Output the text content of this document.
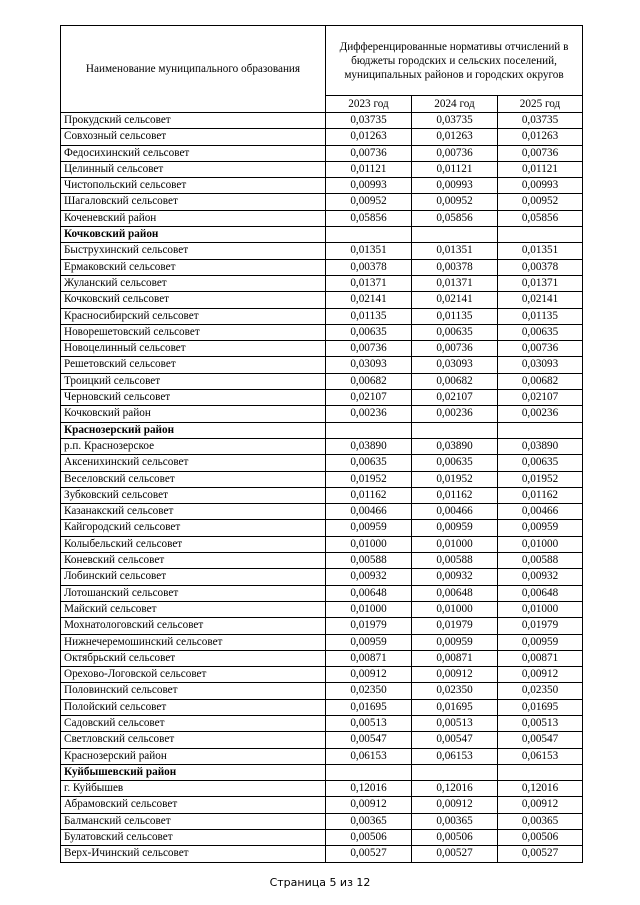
Наименование муниципального образования	Дифференцированные нормативы отчислений в бюджеты городских и сельских поселений, муниципальных районов и городских округов		
	2023 год	2024 год	2025 год
Прокудский сельсовет	0,03735	0,03735	0,03735
Совхозный сельсовет	0,01263	0,01263	0,01263
Федосихинский сельсовет	0,00736	0,00736	0,00736
Целинный сельсовет	0,01121	0,01121	0,01121
Чистопольский сельсовет	0,00993	0,00993	0,00993
Шагаловский сельсовет	0,00952	0,00952	0,00952
Коченевский район	0,05856	0,05856	0,05856
Кочковский район			
Быструхинский сельсовет	0,01351	0,01351	0,01351
Ермаковский сельсовет	0,00378	0,00378	0,00378
Жуланский сельсовет	0,01371	0,01371	0,01371
Кочковский сельсовет	0,02141	0,02141	0,02141
Красносибирский сельсовет	0,01135	0,01135	0,01135
Новорешетовский сельсовет	0,00635	0,00635	0,00635
Новоцелинный сельсовет	0,00736	0,00736	0,00736
Решетовский сельсовет	0,03093	0,03093	0,03093
Троицкий сельсовет	0,00682	0,00682	0,00682
Черновский сельсовет	0,02107	0,02107	0,02107
Кочковский район	0,00236	0,00236	0,00236
Краснозерский район			
р.п. Краснозерское	0,03890	0,03890	0,03890
Аксенихинский сельсовет	0,00635	0,00635	0,00635
Веселовский сельсовет	0,01952	0,01952	0,01952
Зубковский сельсовет	0,01162	0,01162	0,01162
Казанакский сельсовет	0,00466	0,00466	0,00466
Кайгородский сельсовет	0,00959	0,00959	0,00959
Колыбельский сельсовет	0,01000	0,01000	0,01000
Коневский сельсовет	0,00588	0,00588	0,00588
Лобинский сельсовет	0,00932	0,00932	0,00932
Лотошанский сельсовет	0,00648	0,00648	0,00648
Майский сельсовет	0,01000	0,01000	0,01000
Мохнатологовский сельсовет	0,01979	0,01979	0,01979
Нижнечеремошинский сельсовет	0,00959	0,00959	0,00959
Октябрьский сельсовет	0,00871	0,00871	0,00871
Орехово-Логовской сельсовет	0,00912	0,00912	0,00912
Половинский сельсовет	0,02350	0,02350	0,02350
Полойский сельсовет	0,01695	0,01695	0,01695
Садовский сельсовет	0,00513	0,00513	0,00513
Светловский сельсовет	0,00547	0,00547	0,00547
Краснозерский район	0,06153	0,06153	0,06153
Куйбышевский район			
г. Куйбышев	0,12016	0,12016	0,12016
Абрамовский сельсовет	0,00912	0,00912	0,00912
Балманский сельсовет	0,00365	0,00365	0,00365
Булатовский сельсовет	0,00506	0,00506	0,00506
Верх-Ичинский сельсовет	0,00527	0,00527	0,00527
Страница 5 из 12
